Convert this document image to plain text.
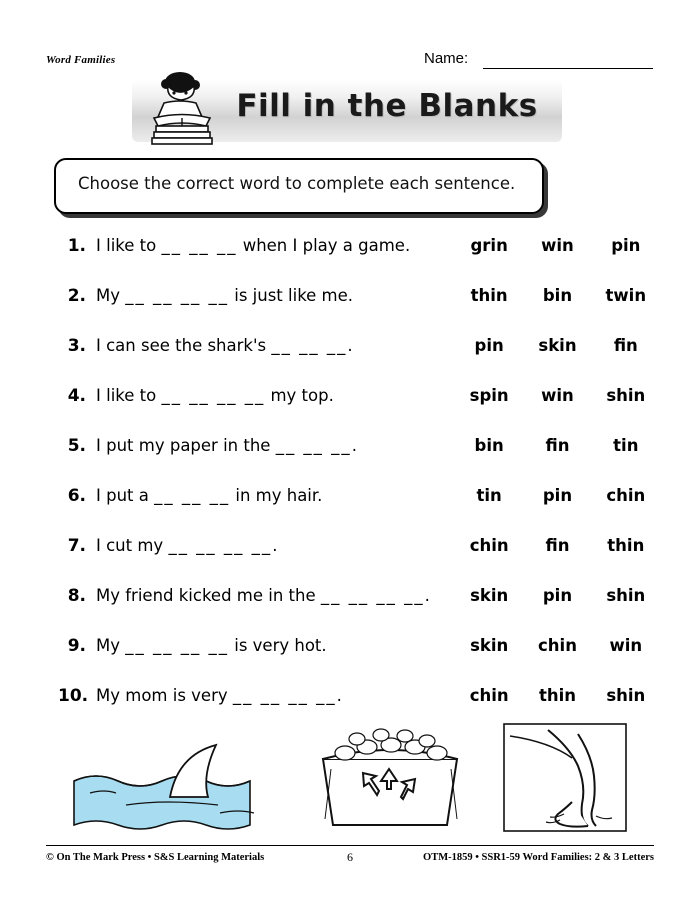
Word Families	Name:
Fill in the Blanks
Choose the correct word to complete each sentence.
1. I like to __ __ __ when I play a game.	grin	win	pin
2. My __ __ __ __ is just like me.	thin	bin	twin
3. I can see the shark's __ __ __.	pin	skin	fin
4. I like to __ __ __ __ my top.	spin	win	shin
5. I put my paper in the __ __ __.	bin	fin	tin
6. I put a __ __ __ in my hair.	tin	pin	chin
7. I cut my __ __ __ __.	chin	fin	thin
8. My friend kicked me in the __ __ __ __.	skin	pin	shin
9. My __ __ __ __ is very hot.	skin	chin	win
10. My mom is very __ __ __ __.	chin	thin	shin
© On The Mark Press • S&S Learning Materials	6	OTM-1859 • SSR1-59 Word Families: 2 & 3 Letters
